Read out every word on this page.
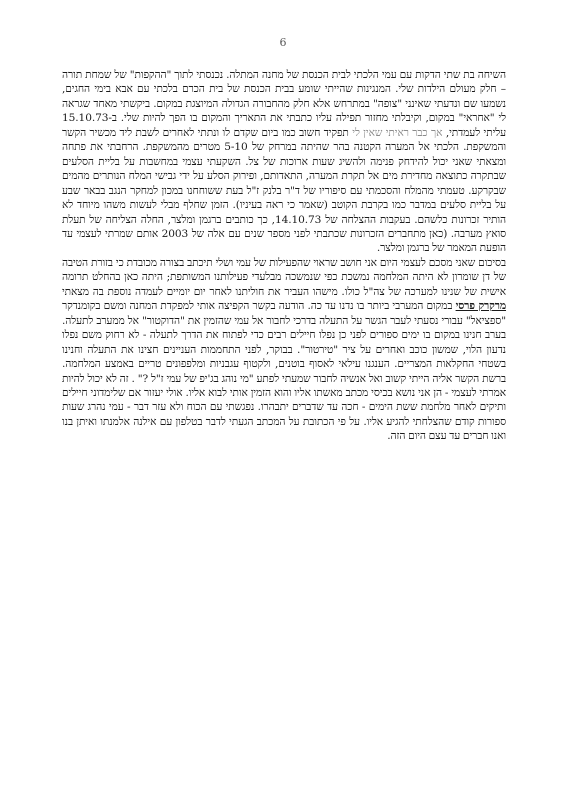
6

השיחה בת שתי הדקות עם עמי הלכתי לבית הכנסת של מחנה המתלה. נכנסתי לתוך "ההקפות" של שמחת תורה – חלק מעולם הילדות שלי. המנגינות שהייתי שומע בבית הכנסת של בית הכרם בלכתי עם אבא בימי החגים, נשמעו שם ונדעתי שאינני "צופה" במתרחש אלא חלק מהחבורה הגדולה המיוצגת במקום. ביקשתי מאחד שגראה לי "אחראי" במקום, וקיבלתי מחזור תפילה עליו כתבתי את התאריך והמקום בו הפך להיות שלי. ב-15.10.73 עליתי לעמדתי, אך כבר ראיתי שאין לי תפקיד חשוב כמו ביום שקדם לו ונתתי לאחרים לשבת ליד מכשיר הקשר והמשקפת. הלכתי אל המערה הקטנה בהר שהיתה במרחק של 5-10 מטרים מהמשקפת. הרחבתי את פתחה ומצאתי שאני יכול להידחק פנימה ולהשיג שעות ארוכות של צל. השקעתי עצמי במחשבות על בליית הסלעים שבתקרה כתוצאה מחדירת מים אל תקרת המערה, התאדותם, ופירוק הסלע על ידי גבישי המלח הנותרים מהמים שבקרקע. טעמתי מהמלח והסכמתי עם סיפוריו של ד"ר בלנק ז"ל בעת ששוחחנו במכון למחקר הנגב בבאר שבע על בליית סלעים במדבר כמו בקרבת הקוטב (שאמר כי ראה בעיניו). הזמן שחלף מבלי לעשות משהו מיוחד לא הותיר זכרונות כלשהם. בעקבות ההצלחה של 14.10.73, כך כותבים ברגמן ומלצר, החלה הצליחה של תעלת סואץ מערבה. (כאן מתחברים הזכרונות שכתבתי לפני מספר שנים עם אלה של 2003 אותם שמרתי לעצמי עד הופעת המאמר של ברגמן ומלצר.

בסיכום שאני מסכם לעצמי היום אני חושב שראוי שהפעילות של עמי ושלי תיכתב בצורה מכובדת כי בזורת הטיבה של דן שומרון לא היתה המלחמה נמשכת כפי שנמשכה מבלעדי פעילותנו המשותפת; היתה כאן בהחלט תרומה אישית של שנינו למערכה של צה"ל כולו. מישהו העביר את חוליתנו לאחר יום יומיים לעמדה נוספת בה מצאתי מרקרק פרסי במקום המערבי ביותר בו נדנו עד כה. הודעה בקשר הקפיצה אותי למפקדת המחנה ומשם בקומנדקר "ספציאל" עבורי נסעתי לעבר הגשר על התעלה בדרכי לחבור אל עמי שהזמין את "הדוקטור" אל ממערב לתעלה. בערב חנינו במקום בו ימים ספורים לפני כן נפלו חיילים רבים כדי לפתוח את הדרך לתעלה - לא רחוק משם נפלו נדעון הלוי, שמשון כוכב ואחרים על ציר "טירטור". בבוקר, לפני התחממות העניינים חצינו את התעלה וחנינו בשטחי החקלאות המצריים. הענגנו עילאי לאסוף בוטנים, ולקטוף עגבניות ומלפפונים טריים באמצע המלחמה. ברשת הקשר אליה הייתי קשוב ואל אנשיה לחבור שמעתי לפתע "מי נוהג בג'יפ של עמי ז"ל ?" . זה לא יכול להיות אמרתי לעצמי - הן אני נושא בכיסי מכתב מאשתו אליו והוא הזמין אותי לבוא אליו. אולי יעזור אם שלימדוני חיילים ותיקים לאחר מלחמת ששת הימים - חכה עד שדברים יתבהרו. נפגשתי עם הכוח ולא עזר דבר - עמי נהרג שעות ספורות קודם שהצלחתי להגיע אליו. על פי הכתובת על המכתב הגעתי לדבר בטלפון עם אילנה אלמנתו ואיתן בנו ואנו חברים עד עצם היום הזה.
